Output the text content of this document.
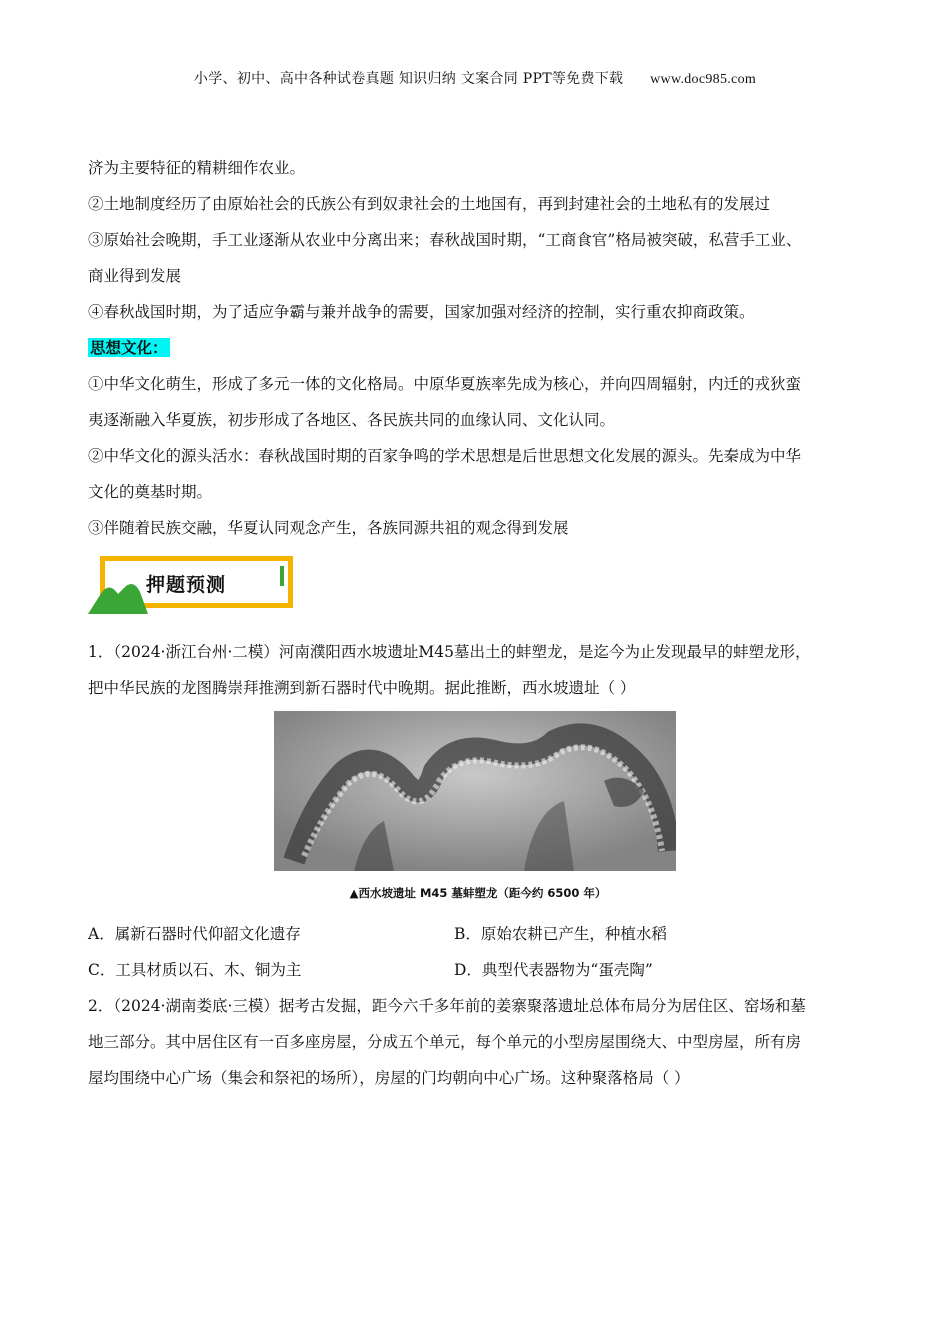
小学、初中、高中各种试卷真题 知识归纳 文案合同 PPT等免费下载 www.doc985.com
济为主要特征的精耕细作农业。
②土地制度经历了由原始社会的氏族公有到奴隶社会的土地国有，再到封建社会的土地私有的发展过
③原始社会晚期，手工业逐渐从农业中分离出来；春秋战国时期，“工商食官”格局被突破，私营手工业、
商业得到发展
④春秋战国时期，为了适应争霸与兼并战争的需要，国家加强对经济的控制，实行重农抑商政策。
思想文化：
①中华文化萌生，形成了多元一体的文化格局。中原华夏族率先成为核心，并向四周辐射，内迁的戎狄蛮
夷逐渐融入华夏族，初步形成了各地区、各民族共同的血缘认同、文化认同。
②中华文化的源头活水：春秋战国时期的百家争鸣的学术思想是后世思想文化发展的源头。先秦成为中华
文化的奠基时期。
③伴随着民族交融，华夏认同观念产生，各族同源共祖的观念得到发展
押题预测
1．（2024·浙江台州·二模）河南濮阳西水坡遗址M45墓出土的蚌塑龙，是迄今为止发现最早的蚌塑龙形，
把中华民族的龙图腾崇拜推溯到新石器时代中晚期。据此推断，西水坡遗址（ ）
▲西水坡遗址 M45 墓蚌塑龙（距今约 6500 年）
A．属新石器时代仰韶文化遗存	B．原始农耕已产生，种植水稻
C．工具材质以石、木、铜为主	D．典型代表器物为“蛋壳陶”
2．（2024·湖南娄底·三模）据考古发掘，距今六千多年前的姜寨聚落遗址总体布局分为居住区、窑场和墓
地三部分。其中居住区有一百多座房屋，分成五个单元，每个单元的小型房屋围绕大、中型房屋，所有房
屋均围绕中心广场（集会和祭祀的场所），房屋的门均朝向中心广场。这种聚落格局（ ）
